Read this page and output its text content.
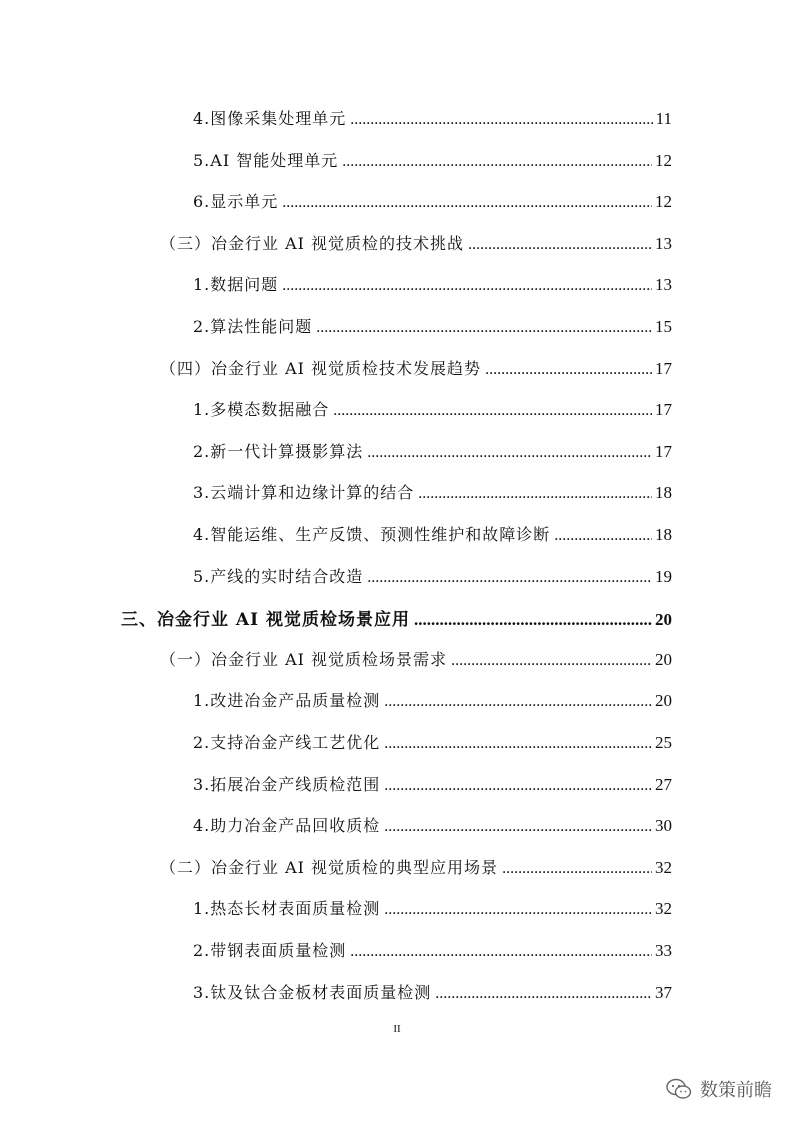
4.图像采集处理单元 .....	11
5.AI 智能处理单元 .....	12
6.显示单元 .....	12
（三）冶金行业 AI 视觉质检的技术挑战 .....	13
1.数据问题 .....	13
2.算法性能问题 .....	15
（四）冶金行业 AI 视觉质检技术发展趋势 .....	17
1.多模态数据融合 .....	17
2.新一代计算摄影算法 .....	17
3.云端计算和边缘计算的结合 .....	18
4.智能运维、生产反馈、预测性维护和故障诊断 .....	18
5.产线的实时结合改造 .....	19
三、冶金行业 AI 视觉质检场景应用 .....	20
（一）冶金行业 AI 视觉质检场景需求 .....	20
1.改进冶金产品质量检测 .....	20
2.支持冶金产线工艺优化 .....	25
3.拓展冶金产线质检范围 .....	27
4.助力冶金产品回收质检 .....	30
（二）冶金行业 AI 视觉质检的典型应用场景 .....	32
1.热态长材表面质量检测 .....	32
2.带钢表面质量检测 .....	33
3.钛及钛合金板材表面质量检测 .....	37
II
数策前瞻
